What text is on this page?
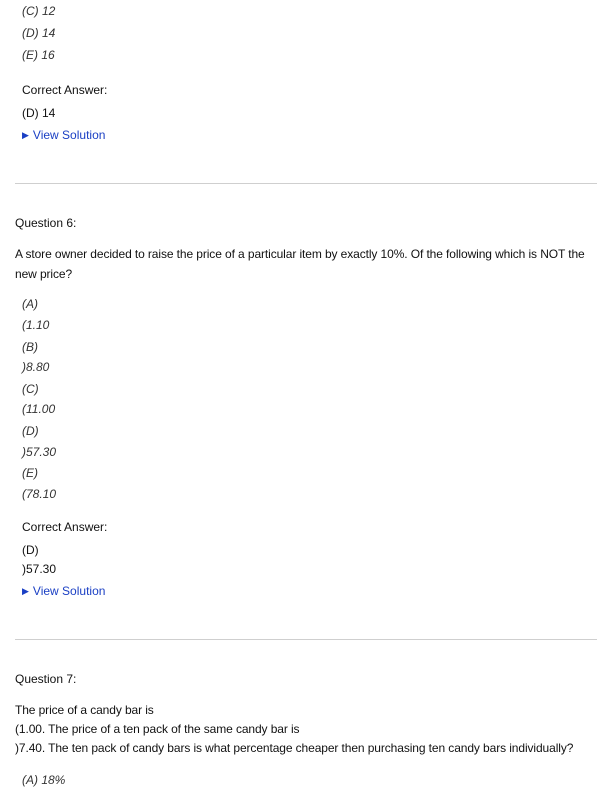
(C) 12
(D) 14
(E) 16
Correct Answer:
(D) 14
▶ View Solution
Question 6:
A store owner decided to raise the price of a particular item by exactly 10%. Of the following which is NOT the
new price?
(A)
(1.10
(B)
)8.80
(C)
(11.00
(D)
)57.30
(E)
(78.10
Correct Answer:
(D)
)57.30
▶ View Solution
Question 7:
The price of a candy bar is
(1.00. The price of a ten pack of the same candy bar is
)7.40. The ten pack of candy bars is what percentage cheaper then purchasing ten candy bars individually?
(A) 18%
